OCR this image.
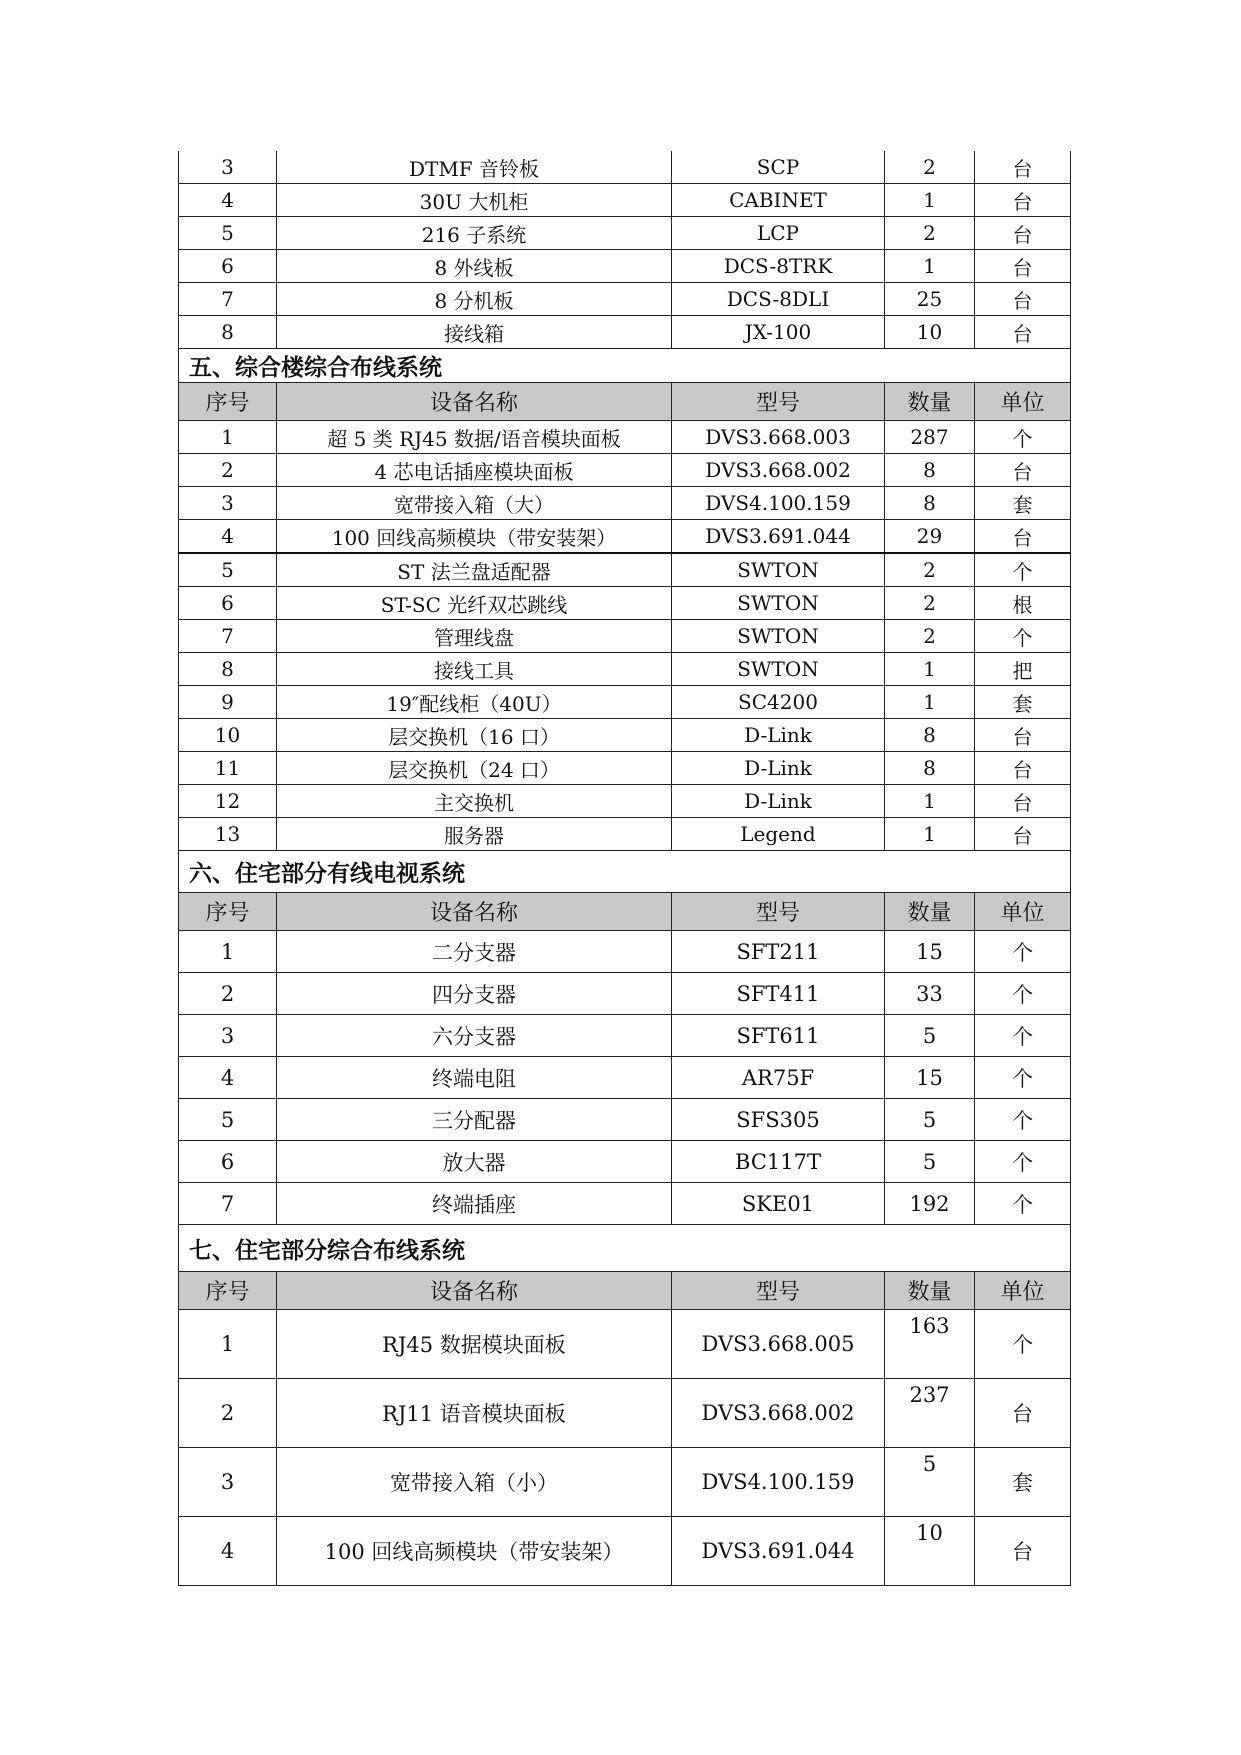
3	DTMF 音铃板	SCP	2	台
4	30U 大机柜	CABINET	1	台
5	216 子系统	LCP	2	台
6	8 外线板	DCS-8TRK	1	台
7	8 分机板	DCS-8DLI	25	台
8	接线箱	JX-100	10	台
五、综合楼综合布线系统				
序号	设备名称	型号	数量	单位
1	超 5 类 RJ45 数据/语音模块面板	DVS3.668.003	287	个
2	4 芯电话插座模块面板	DVS3.668.002	8	台
3	宽带接入箱（大）	DVS4.100.159	8	套
4	100 回线高频模块（带安装架）	DVS3.691.044	29	台
5	ST 法兰盘适配器	SWTON	2	个
6	ST-SC 光纤双芯跳线	SWTON	2	根
7	管理线盘	SWTON	2	个
8	接线工具	SWTON	1	把
9	19″配线柜（40U）	SC4200	1	套
10	层交换机（16 口）	D-Link	8	台
11	层交换机（24 口）	D-Link	8	台
12	主交换机	D-Link	1	台
13	服务器	Legend	1	台
六、住宅部分有线电视系统				
序号	设备名称	型号	数量	单位
1	二分支器	SFT211	15	个
2	四分支器	SFT411	33	个
3	六分支器	SFT611	5	个
4	终端电阻	AR75F	15	个
5	三分配器	SFS305	5	个
6	放大器	BC117T	5	个
7	终端插座	SKE01	192	个
七、住宅部分综合布线系统				
序号	设备名称	型号	数量	单位
1	RJ45 数据模块面板	DVS3.668.005	163	个
2	RJ11 语音模块面板	DVS3.668.002	237	台
3	宽带接入箱（小）	DVS4.100.159	5	套
4	100 回线高频模块（带安装架）	DVS3.691.044	10	台
